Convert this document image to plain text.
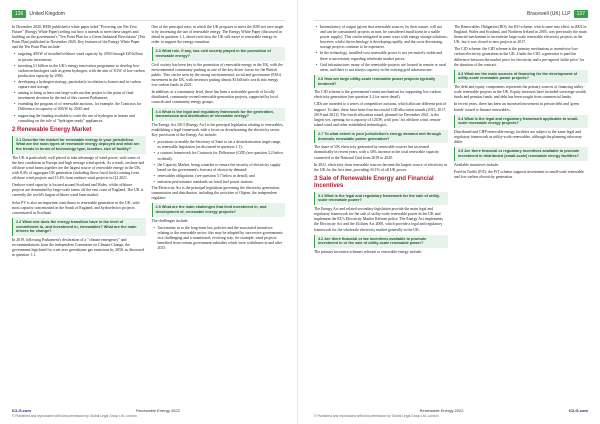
136	United Kingdom

In December 2020, BEIS published a white paper titled "Powering our Net Zero Future" (Energy White Paper) setting out how it intends to meet these targets and building on the government's "Ten Point Plan for a Green Industrial Revolution" (Ten Point Plan) published in November 2020. Key features of the Energy White Paper and the Ten Point Plan include:

• targeting 40GW of installed offshore wind capacity by 2030 through £20 billion in private investment;
• investing £1 billion in the UK's energy innovation programme to develop low-carbon technologies such as green hydrogen, with the aim of 5GW of low-carbon production capacity by 2030;
• developing a hydrogen strategy, particularly in relation to homes and in carbon capture and storage;
• aiming to bring at least one large-scale nuclear project to the point of final investment decision by the end of this current Parliament;
• extending the program of of renewable auctions, for example, the Contracts for Difference in capacity of 40GW by 2030; and
• supporting the funding available to scale the use of hydrogen in homes and consulting on the role of "hydrogen-ready" appliances.
2 Renewable Energy Market
2.1 Describe the market for renewable energy in your jurisdiction. What are the main types of renewable energy deployed and what are the trends in terms of technology type, location, size of facility?

The UK is particularly well placed to take advantage of wind power, with some of the best conditions in Europe and high average wind speeds. As a result, onshore and offshore wind farms together are the largest source of renewable energy in the UK, with 8.4% of aggregate UK generation (including those fossil fuels) coming from offshore wind projects and 13.4% from onshore wind projects in Q2 2021.

Onshore wind capacity is located around Scotland and Wales, whilst offshore projects are dominated by large-scale farms off the east coast of England. The UK is currently the world's largest offshore wind farm market.

Solar PV is also an important contributor to renewable generation in the UK, with most capacity concentrated in the South of England, and hydroelectric projects concentrated in Scotland.

2.2 What role does the energy transition have in the level of commitment to, and investment in, renewables? What are the main drivers for change?

In 2019, following Parliament's declaration of a "climate emergency" and recommendations from the independent Committee on Climate Change, the government legislated for a net zero greenhouse gas emissions by 2050, as discussed in question 1.1.

One of the principal ways in which the UK proposes to meet the 2050 net zero target is by increasing the use of renewable energy. The Energy White Paper (discussed in detail in question 1.1, above) sets how the UK will move to renewable energy in order to support the energy transition.

2.3 What role, if any, has civil society played in the promotion of renewable energy?

Civil society has been key to the promotion of renewable energy in the UK, with the environmental community pushing as one of the key driver forces for the British public. This can be seen by the strong environmental, social and governance (ESG) movement in the UK, with investors putting almost $1 billion's worth into energy low-carbon funds in 2021.

In addition, at a community level, there has been a noticeable growth of locally distributed, community-owned renewable generation projects, supported by local councils and community energy groups.

2.4 What is the legal and regulatory framework for the generation, transmission and distribution of renewable energy?

The Energy Act 2013 (Energy Act) is the principal legislation relating to renewables, establishing a legal framework with a focus on decarbonising the electricity sector. Key provisions of the Energy Act include:

• provisions to enable the Secretary of State to set a decarbonisation target range, as renewable legislation (as discussed in question 1.1);
• a contract framework for Contracts for Difference (CfD) (see question 3.2 below in detail);
• the Capacity Market, being a market to ensure the security of electricity supply based on the government's forecast of electricity demand;
• renewables obligations: (see question 3.7 below in detail); and
• emission performance standards on fossil fuel power stations.

The Electricity Act is the principal legislation governing the electricity generation, transmission and distribution, including the activities of Ofgem, the independent regulator.

2.5 What are the main challenges that limit investment in, and development of, renewable energy projects?

The challenges include:

• Uncertainty as to the long-term law, policies and the associated incentives relating to the renewable sector; this may be adapted by successive governments in a challenging and a transitional, evolving way, for example, wind projects benefited from certain government subsidies which were withdrawn in and after 2015.
ICLG.com	Renewable Energy 2022
© Published and reproduced with kind permission by Global Legal Group Ltd, London
Bracewell (UK) LLP	137
• Intermittency of output (given that renewable sources, by their nature, will not and can be constrained; projects in turn, be considered insufficient in a stable power supply). This can be mitigated in some ways with energy storage solutions; however, whilst the technology is developing rapidly, and the costs decreasing, storage projects continue to be expensive.
• In the technology, installed-cost renewable power is not yet entirely stable and there is uncertainty regarding wholesale market prices.
• Grid infrastructure: many of the renewable projects are located in remote or rural areas, and there is not always capacity in the existing grid infrastructure.
2.6 How are large utility-scale renewable power projects typically tendered?

The CfD scheme is the government's main mechanism for supporting low-carbon electricity generation (see question 3.2 for more detail).

CfDs are awarded to a series of competitive auctions, which allocate different pots of support. To date, there have been four successful CfD allocation rounds (2015, 2017, 2019 and 2021). The fourth allocation round, planned for December 2021, is the largest yet, opening for a capacity of 12GW, with 'pots' for offshore wind, remote island wind and other established technologies.

2.7 To what extent is your jurisdiction's energy demand met through domestic renewable power generation?

The share of UK electricity generated by renewable sources has increased dramatically in recent years, with a 34% increase in the total renewable capacity connected to the National Grid from 2019 to 2020.

In 2021, electricity from renewable sources became the largest source of electricity in the UK for the first time, providing 43.1% of all UK power.

3 Sale of Renewable Energy and Financial Incentives
3.1 What is the legal and regulatory framework for the sale of utility-scale renewable power?

The Energy Act and related secondary legislation provide the main legal and regulatory framework for the sale of utility-scale renewable power in the UK and implement the EU's Electricity Market Reform policy. The Energy Act implements the Electricity Act and the Utilities Act 2000, which provide a legal and regulatory framework for the wholesale electricity market generally in the UK.

3.2 Are there financial or tax incentives available to promote investment in or the sale of utility-scale renewable power?

The primary incentive schemes relevant to renewable energy include:

The Renewables Obligation (RO): the RO scheme, which came into effect in 2002 in England, Wales and Scotland, and Northern Ireland in 2005, was previously the main financial mechanism to incentivise large-scale renewable electricity projects in the UK, but it was closed to new projects in 2017.

The CfD scheme: the CfD scheme is the primary mechanism to incentivise low-carbon electricity generation in the UK. Under the CfD, a generator is paid the difference between the market price for electricity and a pre-agreed 'strike price' for the duration of the contract.

3.3 What are the main sources of financing for the development of utility-scale renewable power projects?

The debt and equity components represents the primary sources of financing utility-scale renewable projects in the UK. Equity investors have included sovereign wealth funds and pension funds, and debt has been sought from commercial banks.

In recent years, there has been an increased movement in private debt and 'green bonds' issued to finance renewables.

3.4 What is the legal and regulatory framework applicable to small-scale renewable energy projects?

Distributed and CHP renewable energy facilities are subject to the same legal and regulatory framework as utility-scale renewables, although the planning rules may differ.

3.5 Are there financial or regulatory incentives available to promote investment in distributed (small-scale) renewable energy facilities?

Available incentives include:

Feed-in Tariffs (FiT): the FiT scheme supports investment in small-scale renewable and low-carbon electricity generation.

Renewable Energy 2022	ICLG.com
© Published and reproduced with kind permission by Global Legal Group Ltd, London
